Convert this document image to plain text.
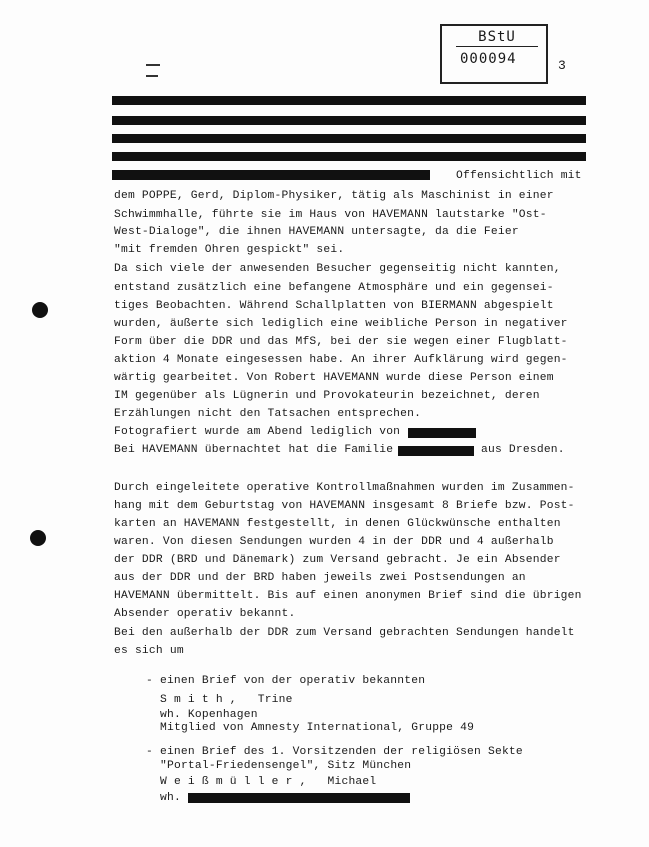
BStU
000094	3
Offensichtlich mit
dem POPPE, Gerd, Diplom-Physiker, tätig als Maschinist in einer
Schwimmhalle, führte sie im Haus von HAVEMANN lautstarke "Ost-
West-Dialoge", die ihnen HAVEMANN untersagte, da die Feier
"mit fremden Ohren gespickt" sei.
Da sich viele der anwesenden Besucher gegenseitig nicht kannten,
entstand zusätzlich eine befangene Atmosphäre und ein gegensei-
tiges Beobachten. Während Schallplatten von BIERMANN abgespielt
wurden, äußerte sich lediglich eine weibliche Person in negativer
Form über die DDR und das MfS, bei der sie wegen einer Flugblatt-
aktion 4 Monate eingesessen habe. An ihrer Aufklärung wird gegen-
wärtig gearbeitet. Von Robert HAVEMANN wurde diese Person einem
IM gegenüber als Lügnerin und Provokateurin bezeichnet, deren
Erzählungen nicht den Tatsachen entsprechen.
Fotografiert wurde am Abend lediglich von
Bei HAVEMANN übernachtet hat die Familie	aus Dresden.
Durch eingeleitete operative Kontrollmaßnahmen wurden im Zusammen-
hang mit dem Geburtstag von HAVEMANN insgesamt 8 Briefe bzw. Post-
karten an HAVEMANN festgestellt, in denen Glückwünsche enthalten
waren. Von diesen Sendungen wurden 4 in der DDR und 4 außerhalb
der DDR (BRD und Dänemark) zum Versand gebracht. Je ein Absender
aus der DDR und der BRD haben jeweils zwei Postsendungen an
HAVEMANN übermittelt. Bis auf einen anonymen Brief sind die übrigen
Absender operativ bekannt.
Bei den außerhalb der DDR zum Versand gebrachten Sendungen handelt
es sich um
- einen Brief von der operativ bekannten
S m i t h ,   Trine
wh. Kopenhagen
Mitglied von Amnesty International, Gruppe 49
- einen Brief des 1. Vorsitzenden der religiösen Sekte
"Portal-Friedensengel", Sitz München
W e i ß m ü l l e r ,   Michael
wh.
